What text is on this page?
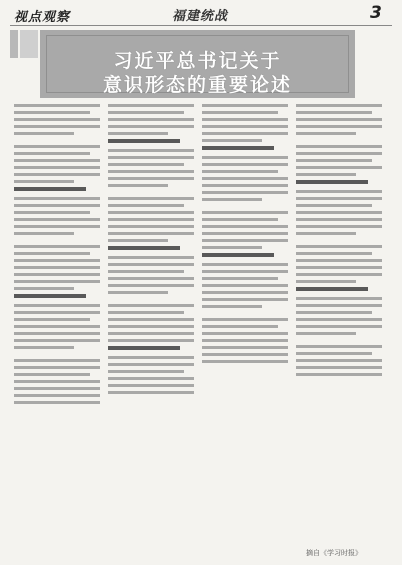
视点观察	福建统战	3
习近平总书记关于
意识形态的重要论述
摘自《学习时报》
